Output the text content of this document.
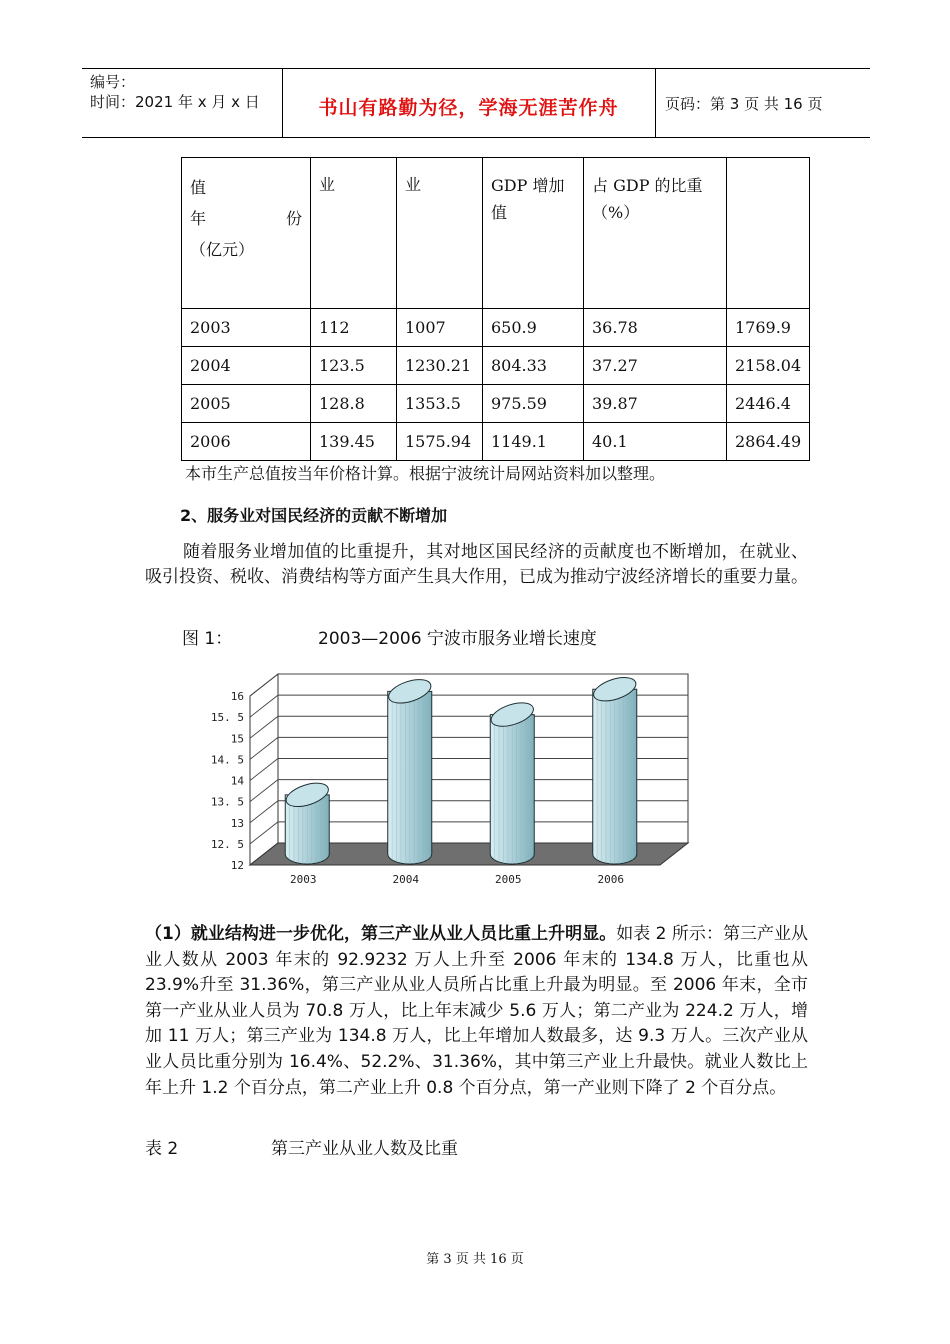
编号：
时间：2021 年 x 月 x 日	书山有路勤为径，学海无涯苦作舟	页码：第 3 页 共 16 页
值
年　　　　　份
（亿元）	业	业	GDP 增加值	占 GDP 的比重（%）	
2003	112	1007	650.9	36.78	1769.9
2004	123.5	1230.21	804.33	37.27	2158.04
2005	128.8	1353.5	975.59	39.87	2446.4
2006	139.45	1575.94	1149.1	40.1	2864.49
本市生产总值按当年价格计算。根据宁波统计局网站资料加以整理。
2、服务业对国民经济的贡献不断增加
随着服务业增加值的比重提升，其对地区国民经济的贡献度也不断增加，在就业、吸引投资、税收、消费结构等方面产生具大作用，已成为推动宁波经济增长的重要力量。
图 1：	2003—2006 宁波市服务业增长速度
12
12. 5
13
13. 5
14
14. 5
15
15. 5
16
2003	2004	2005	2006
（1）就业结构进一步优化，第三产业从业人员比重上升明显。如表 2 所示：第三产业从业人数从 2003 年末的 92.9232 万人上升至 2006 年末的 134.8 万人，比重也从 23.9%升至 31.36%，第三产业从业人员所占比重上升最为明显。至 2006 年末，全市第一产业从业人员为 70.8 万人，比上年末减少 5.6 万人；第二产业为 224.2 万人，增加 11 万人；第三产业为 134.8 万人，比上年增加人数最多，达 9.3 万人。三次产业从业人员比重分别为 16.4%、52.2%、31.36%，其中第三产业上升最快。就业人数比上年上升 1.2 个百分点，第二产业上升 0.8 个百分点，第一产业则下降了 2 个百分点。
表 2	第三产业从业人数及比重
第 3 页 共 16 页
